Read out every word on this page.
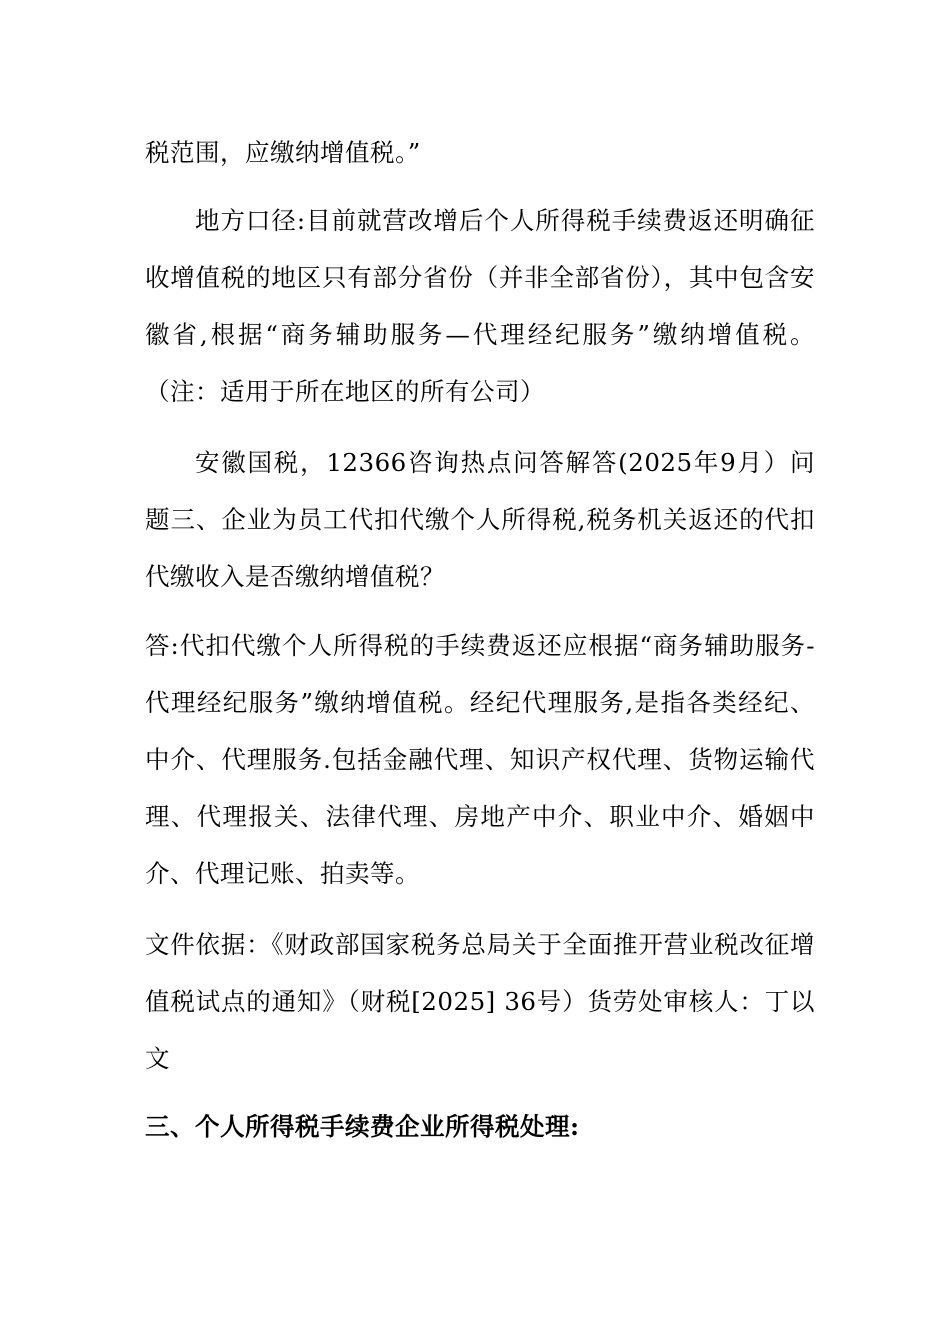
税范围，应缴纳增值税。”

地方口径:目前就营改增后个人所得税手续费返还明确征收增值税的地区只有部分省份（并非全部省份），其中包含安徽省,根据“商务辅助服务—代理经纪服务”缴纳增值税。（注：适用于所在地区的所有公司）

安徽国税，12366咨询热点问答解答(2025年9月）问题三、企业为员工代扣代缴个人所得税,税务机关返还的代扣代缴收入是否缴纳增值税？

答:代扣代缴个人所得税的手续费返还应根据“商务辅助服务-代理经纪服务”缴纳增值税。经纪代理服务,是指各类经纪、中介、代理服务.包括金融代理、知识产权代理、货物运输代理、代理报关、法律代理、房地产中介、职业中介、婚姻中介、代理记账、拍卖等。

文件依据：《财政部国家税务总局关于全面推开营业税改征增值税试点的通知》（财税[2025] 36号）货劳处审核人：丁以文

三、个人所得税手续费企业所得税处理:
